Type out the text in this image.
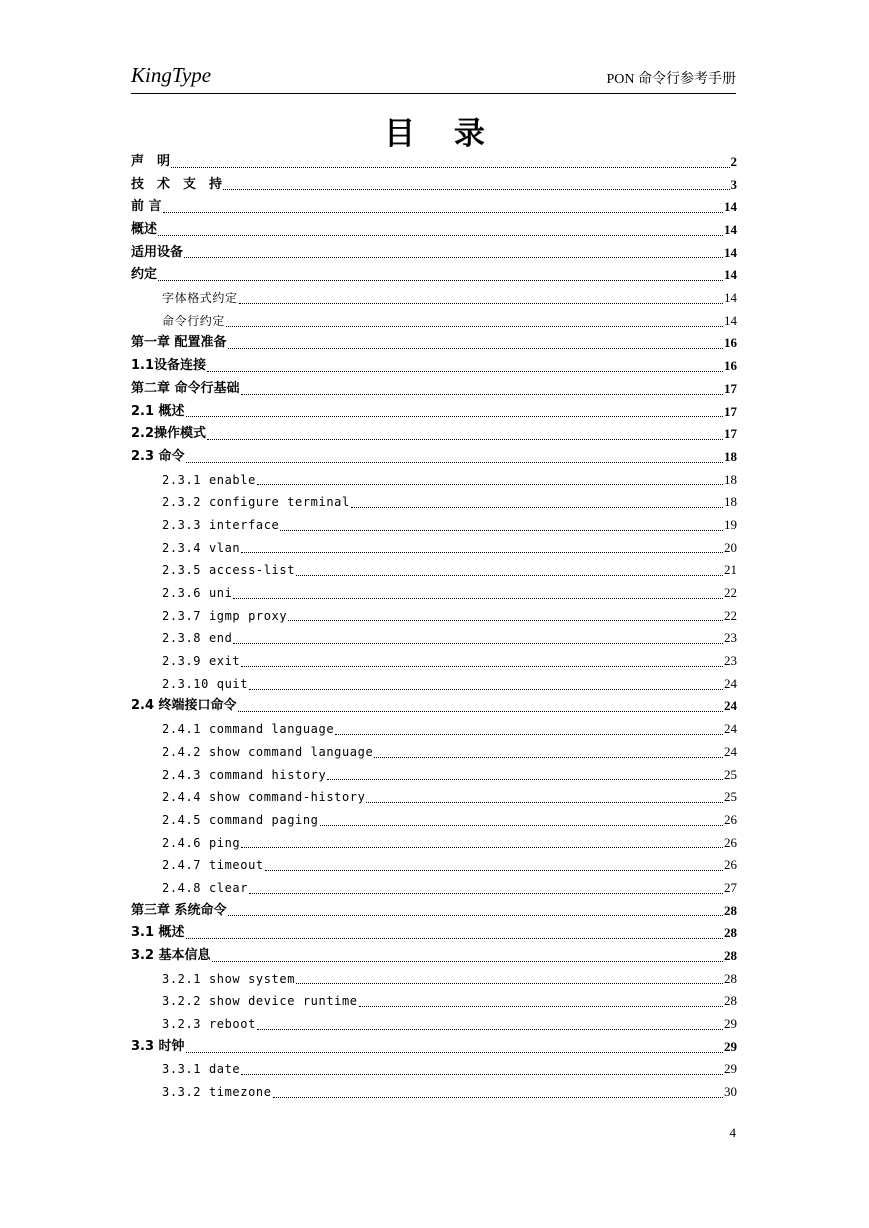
KingType	PON 命令行参考手册
目 录
声　明	2
技　术　支　持	3
前 言	14
概述	14
适用设备	14
约定	14
字体格式约定	14
命令行约定	14
第一章 配置准备	16
1.1设备连接	16
第二章 命令行基础	17
2.1 概述	17
2.2操作模式	17
2.3 命令	18
2.3.1 enable	18
2.3.2 configure terminal	18
2.3.3 interface	19
2.3.4 vlan	20
2.3.5 access-list	21
2.3.6 uni	22
2.3.7 igmp proxy	22
2.3.8 end	23
2.3.9 exit	23
2.3.10 quit	24
2.4 终端接口命令	24
2.4.1 command language	24
2.4.2 show command language	24
2.4.3 command history	25
2.4.4 show command-history	25
2.4.5 command paging	26
2.4.6 ping	26
2.4.7 timeout	26
2.4.8 clear	27
第三章 系统命令	28
3.1 概述	28
3.2 基本信息	28
3.2.1 show system	28
3.2.2 show device runtime	28
3.2.3 reboot	29
3.3 时钟	29
3.3.1 date	29
3.3.2 timezone	30
4
